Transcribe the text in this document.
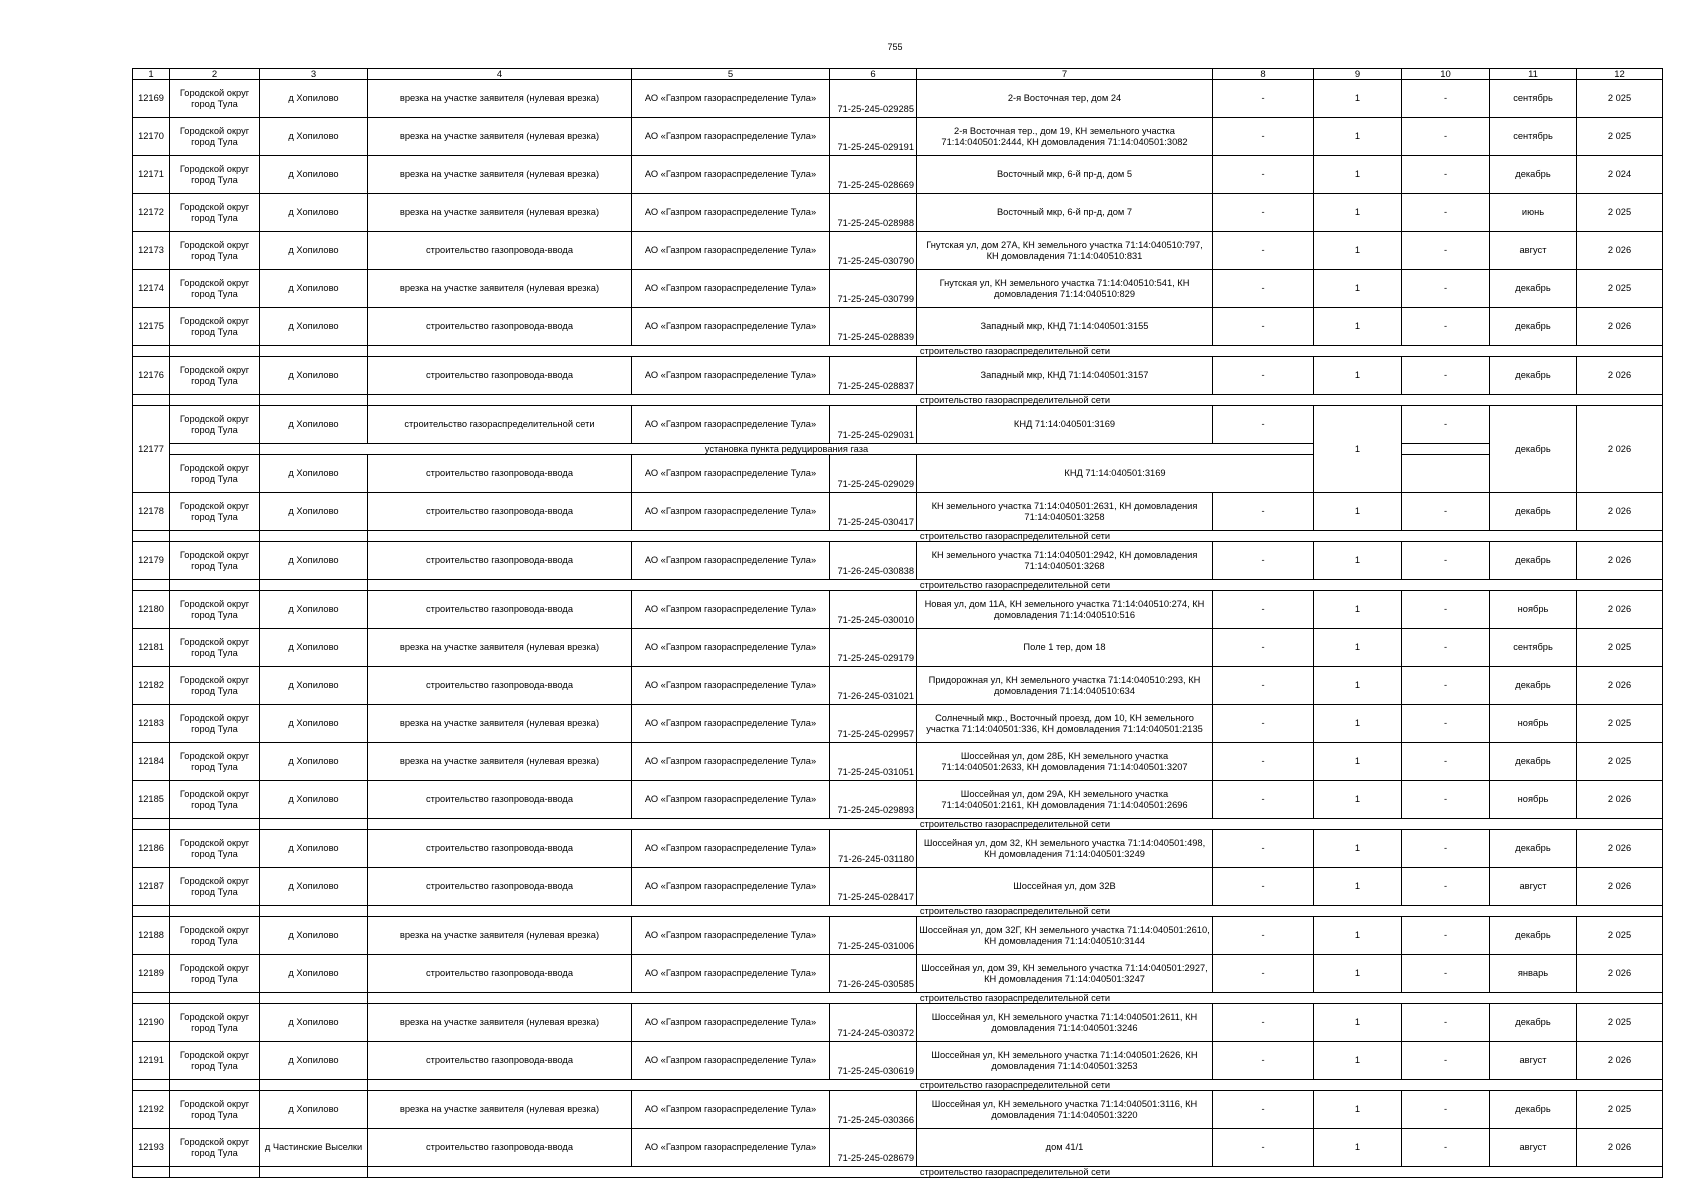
755
1	2	3	4	5	6	7	8	9	10	11	12
12169	Городской округ город Тула	д Хопилово	врезка на участке заявителя (нулевая врезка)	АО «Газпром газораспределение Тула»	71-25-245-029285	2-я Восточная тер, дом 24	-	1	-	сентябрь	2 025
12170	Городской округ город Тула	д Хопилово	врезка на участке заявителя (нулевая врезка)	АО «Газпром газораспределение Тула»	71-25-245-029191	2-я Восточная тер., дом 19, КН земельного участка 71:14:040501:2444, КН домовладения 71:14:040501:3082	-	1	-	сентябрь	2 025
12171	Городской округ город Тула	д Хопилово	врезка на участке заявителя (нулевая врезка)	АО «Газпром газораспределение Тула»	71-25-245-028669	Восточный мкр, 6-й пр-д, дом 5	-	1	-	декабрь	2 024
12172	Городской округ город Тула	д Хопилово	врезка на участке заявителя (нулевая врезка)	АО «Газпром газораспределение Тула»	71-25-245-028988	Восточный мкр, 6-й пр-д, дом 7	-	1	-	июнь	2 025
12173	Городской округ город Тула	д Хопилово	строительство газопровода-ввода	АО «Газпром газораспределение Тула»	71-25-245-030790	Гнутская ул, дом 27А, КН земельного участка 71:14:040510:797, КН домовладения 71:14:040510:831	-	1	-	август	2 026
12174	Городской округ город Тула	д Хопилово	врезка на участке заявителя (нулевая врезка)	АО «Газпром газораспределение Тула»	71-25-245-030799	Гнутская ул, КН земельного участка 71:14:040510:541, КН домовладения 71:14:040510:829	-	1	-	декабрь	2 025
12175	Городской округ город Тула	д Хопилово	строительство газопровода-ввода	АО «Газпром газораспределение Тула»	71-25-245-028839	Западный мкр, КНД 71:14:040501:3155	-	1	-	декабрь	2 026
			строительство газораспределительной сети								
12176	Городской округ город Тула	д Хопилово	строительство газопровода-ввода	АО «Газпром газораспределение Тула»	71-25-245-028837	Западный мкр, КНД 71:14:040501:3157	-	1	-	декабрь	2 026
			строительство газораспределительной сети								
12177	Городской округ город Тула	д Хопилово	строительство газораспределительной сети	АО «Газпром газораспределение Тула»	71-25-245-029031	КНД 71:14:040501:3169	-	1	-	декабрь	2 026
		установка пункта редуцирования газа									
	Городской округ город Тула	д Хопилово	строительство газопровода-ввода	АО «Газпром газораспределение Тула»	71-25-245-029029	КНД 71:14:040501:3169					
12178	Городской округ город Тула	д Хопилово	строительство газопровода-ввода	АО «Газпром газораспределение Тула»	71-25-245-030417	КН земельного участка 71:14:040501:2631, КН домовладения 71:14:040501:3258	-	1	-	декабрь	2 026
			строительство газораспределительной сети								
12179	Городской округ город Тула	д Хопилово	строительство газопровода-ввода	АО «Газпром газораспределение Тула»	71-26-245-030838	КН земельного участка 71:14:040501:2942, КН домовладения 71:14:040501:3268	-	1	-	декабрь	2 026
			строительство газораспределительной сети								
12180	Городской округ город Тула	д Хопилово	строительство газопровода-ввода	АО «Газпром газораспределение Тула»	71-25-245-030010	Новая ул, дом 11А, КН земельного участка 71:14:040510:274, КН домовладения 71:14:040510:516	-	1	-	ноябрь	2 026
12181	Городской округ город Тула	д Хопилово	врезка на участке заявителя (нулевая врезка)	АО «Газпром газораспределение Тула»	71-25-245-029179	Поле 1 тер, дом 18	-	1	-	сентябрь	2 025
12182	Городской округ город Тула	д Хопилово	строительство газопровода-ввода	АО «Газпром газораспределение Тула»	71-26-245-031021	Придорожная ул, КН земельного участка 71:14:040510:293, КН домовладения 71:14:040510:634	-	1	-	декабрь	2 026
12183	Городской округ город Тула	д Хопилово	врезка на участке заявителя (нулевая врезка)	АО «Газпром газораспределение Тула»	71-25-245-029957	Солнечный мкр., Восточный проезд, дом 10, КН земельного участка 71:14:040501:336, КН домовладения 71:14:040501:2135	-	1	-	ноябрь	2 025
12184	Городской округ город Тула	д Хопилово	врезка на участке заявителя (нулевая врезка)	АО «Газпром газораспределение Тула»	71-25-245-031051	Шоссейная ул, дом 28Б, КН земельного участка 71:14:040501:2633, КН домовладения 71:14:040501:3207	-	1	-	декабрь	2 025
12185	Городской округ город Тула	д Хопилово	строительство газопровода-ввода	АО «Газпром газораспределение Тула»	71-25-245-029893	Шоссейная ул, дом 29А, КН земельного участка 71:14:040501:2161, КН домовладения 71:14:040501:2696	-	1	-	ноябрь	2 026
			строительство газораспределительной сети								
12186	Городской округ город Тула	д Хопилово	строительство газопровода-ввода	АО «Газпром газораспределение Тула»	71-26-245-031180	Шоссейная ул, дом 32, КН земельного участка 71:14:040501:498, КН домовладения 71:14:040501:3249	-	1	-	декабрь	2 026
12187	Городской округ город Тула	д Хопилово	строительство газопровода-ввода	АО «Газпром газораспределение Тула»	71-25-245-028417	Шоссейная ул, дом 32В	-	1	-	август	2 026
			строительство газораспределительной сети								
12188	Городской округ город Тула	д Хопилово	врезка на участке заявителя (нулевая врезка)	АО «Газпром газораспределение Тула»	71-25-245-031006	Шоссейная ул, дом 32Г, КН земельного участка 71:14:040501:2610, КН домовладения 71:14:040510:3144	-	1	-	декабрь	2 025
12189	Городской округ город Тула	д Хопилово	строительство газопровода-ввода	АО «Газпром газораспределение Тула»	71-26-245-030585	Шоссейная ул, дом 39, КН земельного участка 71:14:040501:2927, КН домовладения 71:14:040501:3247	-	1	-	январь	2 026
			строительство газораспределительной сети								
12190	Городской округ город Тула	д Хопилово	врезка на участке заявителя (нулевая врезка)	АО «Газпром газораспределение Тула»	71-24-245-030372	Шоссейная ул, КН земельного участка 71:14:040501:2611, КН домовладения 71:14:040501:3246	-	1	-	декабрь	2 025
12191	Городской округ город Тула	д Хопилово	строительство газопровода-ввода	АО «Газпром газораспределение Тула»	71-25-245-030619	Шоссейная ул, КН земельного участка 71:14:040501:2626, КН домовладения 71:14:040501:3253	-	1	-	август	2 026
			строительство газораспределительной сети								
12192	Городской округ город Тула	д Хопилово	врезка на участке заявителя (нулевая врезка)	АО «Газпром газораспределение Тула»	71-25-245-030366	Шоссейная ул, КН земельного участка 71:14:040501:3116, КН домовладения 71:14:040501:3220	-	1	-	декабрь	2 025
12193	Городской округ город Тула	д Частинские Выселки	строительство газопровода-ввода	АО «Газпром газораспределение Тула»	71-25-245-028679	дом 41/1	-	1	-	август	2 026
			строительство газораспределительной сети								
